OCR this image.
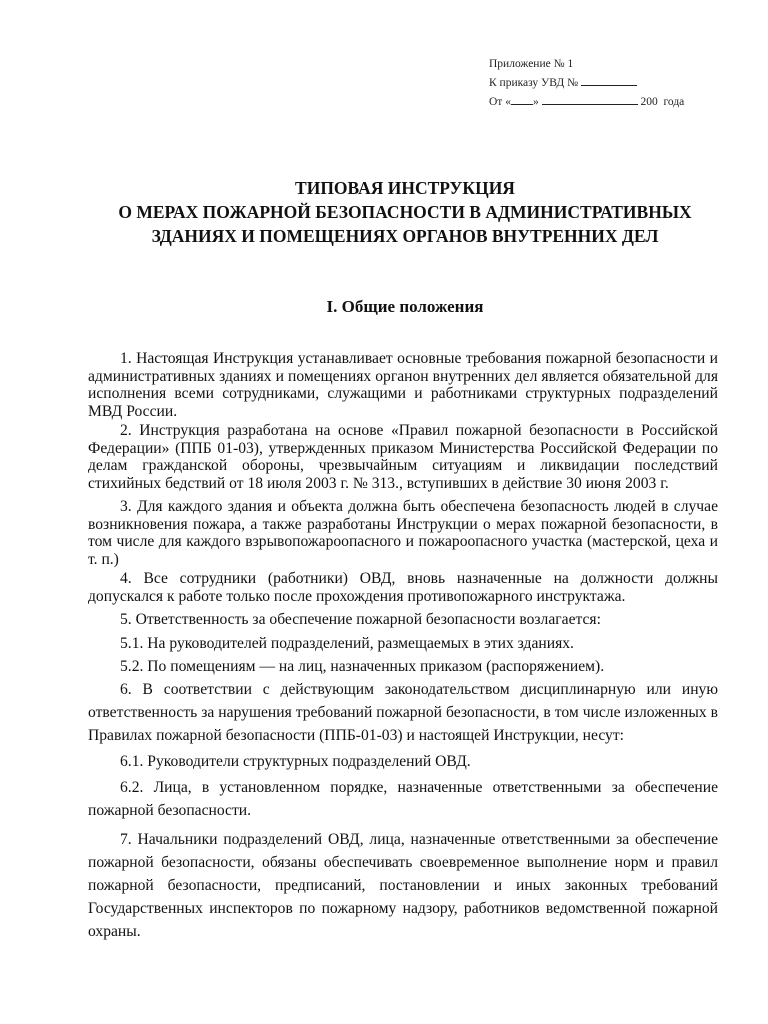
Приложение № 1
К приказу УВД №
От « »	200 года
ТИПОВАЯ ИНСТРУКЦИЯ
О МЕРАХ ПОЖАРНОЙ БЕЗОПАСНОСТИ В АДМИНИСТРАТИВНЫХ
ЗДАНИЯХ И ПОМЕЩЕНИЯХ ОРГАНОВ ВНУТРЕННИХ ДЕЛ
I. Общие положения

1. Настоящая Инструкция устанавливает основные требования пожарной безопасности и административных зданиях и помещениях органон внутренних дел является обязательной для исполнения всеми сотрудниками, служащими и работниками структурных подразделений МВД России.

2. Инструкция разработана на основе «Правил пожарной безопасности в Российской Федерации» (ППБ 01-03), утвержденных приказом Министерства Российской Федерации по делам гражданской обороны, чрезвычайным ситуациям и ликвидации последствий стихийных бедствий от 18 июля 2003 г. № 313., вступивших в действие 30 июня 2003 г.

3. Для каждого здания и объекта должна быть обеспечена безопасность людей в случае возникновения пожара, а также разработаны Инструкции о мерах пожарной безопасности, в том числе для каждого взрывопожароопасного и пожароопасного участка (мастерской, цеха и т. п.)

4. Все сотрудники (работники) ОВД, вновь назначенные на должности должны допускался к работе только после прохождения противопожарного инструктажа.

5. Ответственность за обеспечение пожарной безопасности возлагается:

5.1. На руководителей подразделений, размещаемых в этих зданиях.

5.2. По помещениям — на лиц, назначенных приказом (распоряжением).

6. В соответствии с действующим законодательством дисциплинарную или иную ответственность за нарушения требований пожарной безопасности, в том числе изложенных в Правилах пожарной безопасности (ППБ-01-03) и настоящей Инструкции, несут:

6.1. Руководители структурных подразделений ОВД.

6.2. Лица, в установленном порядке, назначенные ответственными за обеспечение пожарной безопасности.

7. Начальники подразделений ОВД, лица, назначенные ответственными за обеспечение пожарной безопасности, обязаны обеспечивать своевременное выполнение норм и правил пожарной безопасности, предписаний, постановлении и иных законных требований Государственных инспекторов по пожарному надзору, работников ведомственной пожарной охраны.
